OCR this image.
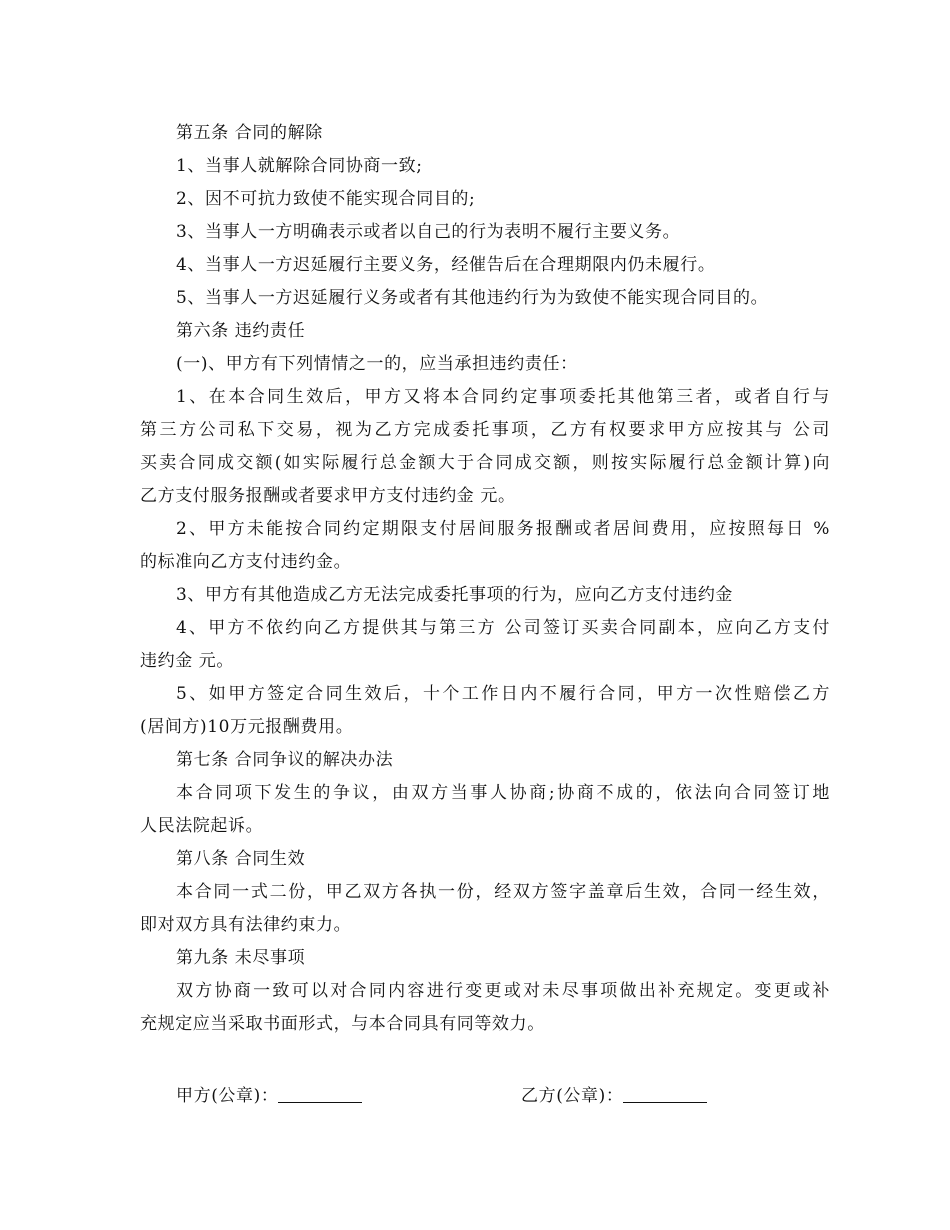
第五条 合同的解除
1、当事人就解除合同协商一致;
2、因不可抗力致使不能实现合同目的;
3、当事人一方明确表示或者以自己的行为表明不履行主要义务。
4、当事人一方迟延履行主要义务，经催告后在合理期限内仍未履行。
5、当事人一方迟延履行义务或者有其他违约行为为致使不能实现合同目的。
第六条 违约责任
(一)、甲方有下列情情之一的，应当承担违约责任：
1、在本合同生效后，甲方又将本合同约定事项委托其他第三者，或者自行与
第三方公司私下交易，视为乙方完成委托事项，乙方有权要求甲方应按其与 公司
买卖合同成交额(如实际履行总金额大于合同成交额，则按实际履行总金额计算)向
乙方支付服务报酬或者要求甲方支付违约金 元。
2、甲方未能按合同约定期限支付居间服务报酬或者居间费用，应按照每日 %
的标准向乙方支付违约金。
3、甲方有其他造成乙方无法完成委托事项的行为，应向乙方支付违约金
4、甲方不依约向乙方提供其与第三方 公司签订买卖合同副本，应向乙方支付
违约金 元。
5、如甲方签定合同生效后，十个工作日内不履行合同，甲方一次性赔偿乙方
(居间方)10万元报酬费用。
第七条 合同争议的解决办法
本合同项下发生的争议，由双方当事人协商;协商不成的，依法向合同签订地
人民法院起诉。
第八条 合同生效
本合同一式二份，甲乙双方各执一份，经双方签字盖章后生效，合同一经生效，
即对双方具有法律约束力。
第九条 未尽事项
双方协商一致可以对合同内容进行变更或对未尽事项做出补充规定。变更或补
充规定应当采取书面形式，与本合同具有同等效力。
甲方(公章)：	乙方(公章)：
